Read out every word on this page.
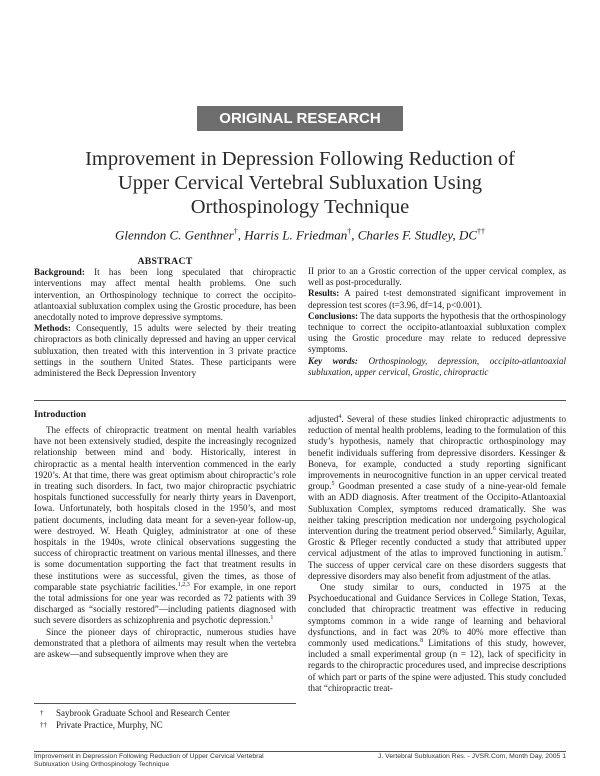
ORIGINAL RESEARCH
Improvement in Depression Following Reduction of
Upper Cervical Vertebral Subluxation Using
Orthospinology Technique
Glenndon C. Genthner†, Harris L. Friedman†, Charles F. Studley, DC††
ABSTRACT

Background: It has been long speculated that chiropractic interventions may affect mental health problems. One such intervention, an Orthospinology technique to correct the occipito-atlantoaxial subluxation complex using the Grostic procedure, has been anecdotally noted to improve depressive symptoms.

Methods: Consequently, 15 adults were selected by their treating chiropractors as both clinically depressed and having an upper cervical subluxation, then treated with this intervention in 3 private practice settings in the southern United States. These participants were administered the Beck Depression Inventory

II prior to an a Grostic correction of the upper cervical complex, as well as post-procedurally.

Results: A paired t-test demonstrated significant improvement in depression test scores (t=3.96, df=14, p<0.001).

Conclusions: The data supports the hypothesis that the orthospinology technique to correct the occipito-atlantoaxial subluxation complex using the Grostic procedure may relate to reduced depressive symptoms.

Key words: Orthospinology, depression, occipito-atlantoaxial subluxation, upper cervical, Grostic, chiropractic

Introduction

The effects of chiropractic treatment on mental health variables have not been extensively studied, despite the increasingly recognized relationship between mind and body. Historically, interest in chiropractic as a mental health intervention commenced in the early 1920’s. At that time, there was great optimism about chiropractic’s role in treating such disorders. In fact, two major chiropractic psychiatric hospitals functioned successfully for nearly thirty years in Davenport, Iowa. Unfortunately, both hospitals closed in the 1950’s, and most patient documents, including data meant for a seven-year follow-up, were destroyed. W. Heath Quigley, administrator at one of these hospitals in the 1940s, wrote clinical observations suggesting the success of chiropractic treatment on various mental illnesses, and there is some documentation supporting the fact that treatment results in these institutions were as successful, given the times, as those of comparable state psychiatric facilities.$^{1,2,3}$ For example, in one report the total admissions for one year was recorded as 72 patients with 39 discharged as “socially restored”—including patients diagnosed with such severe disorders as schizophrenia and psychotic depression.$^1$

Since the pioneer days of chiropractic, numerous studies have demonstrated that a plethora of ailments may result when the vertebra are askew—and subsequently improve when they are

adjusted$^4$. Several of these studies linked chiropractic adjustments to reduction of mental health problems, leading to the formulation of this study’s hypothesis, namely that chiropractic orthospinology may benefit individuals suffering from depressive disorders. Kessinger & Boneva, for example, conducted a study reporting significant improvements in neurocognitive function in an upper cervical treated group.$^5$ Goodman presented a case study of a nine-year-old female with an ADD diagnosis. After treatment of the Occipito-Atlantoaxial Subluxation Complex, symptoms reduced dramatically. She was neither taking prescription medication nor undergoing psychological intervention during the treatment period observed.$^6$ Similarly, Aguilar, Grostic & Pfleger recently conducted a study that attributed upper cervical adjustment of the atlas to improved functioning in autism.$^7$ The success of upper cervical care on these disorders suggests that depressive disorders may also benefit from adjustment of the atlas.

One study similar to ours, conducted in 1975 at the Psychoeducational and Guidance Services in College Station, Texas, concluded that chiropractic treatment was effective in reducing symptoms common in a wide range of learning and behavioral dysfunctions, and in fact was 20% to 40% more effective than commonly used medications.$^8$ Limitations of this study, however, included a small experimental group (n = 12), lack of specificity in regards to the chiropractic procedures used, and imprecise descriptions of which part or parts of the spine were adjusted. This study concluded that “chiropractic treat-

†	Saybrook Graduate School and Research Center
††	Private Practice, Murphy, NC
Improvement in Depression Following Reduction of Upper Cervical Vertebral
Subluxation Using Orthospinology Technique
J. Vertebral Subluxation Res. - JVSR.Com, Month Day, 2005 1
